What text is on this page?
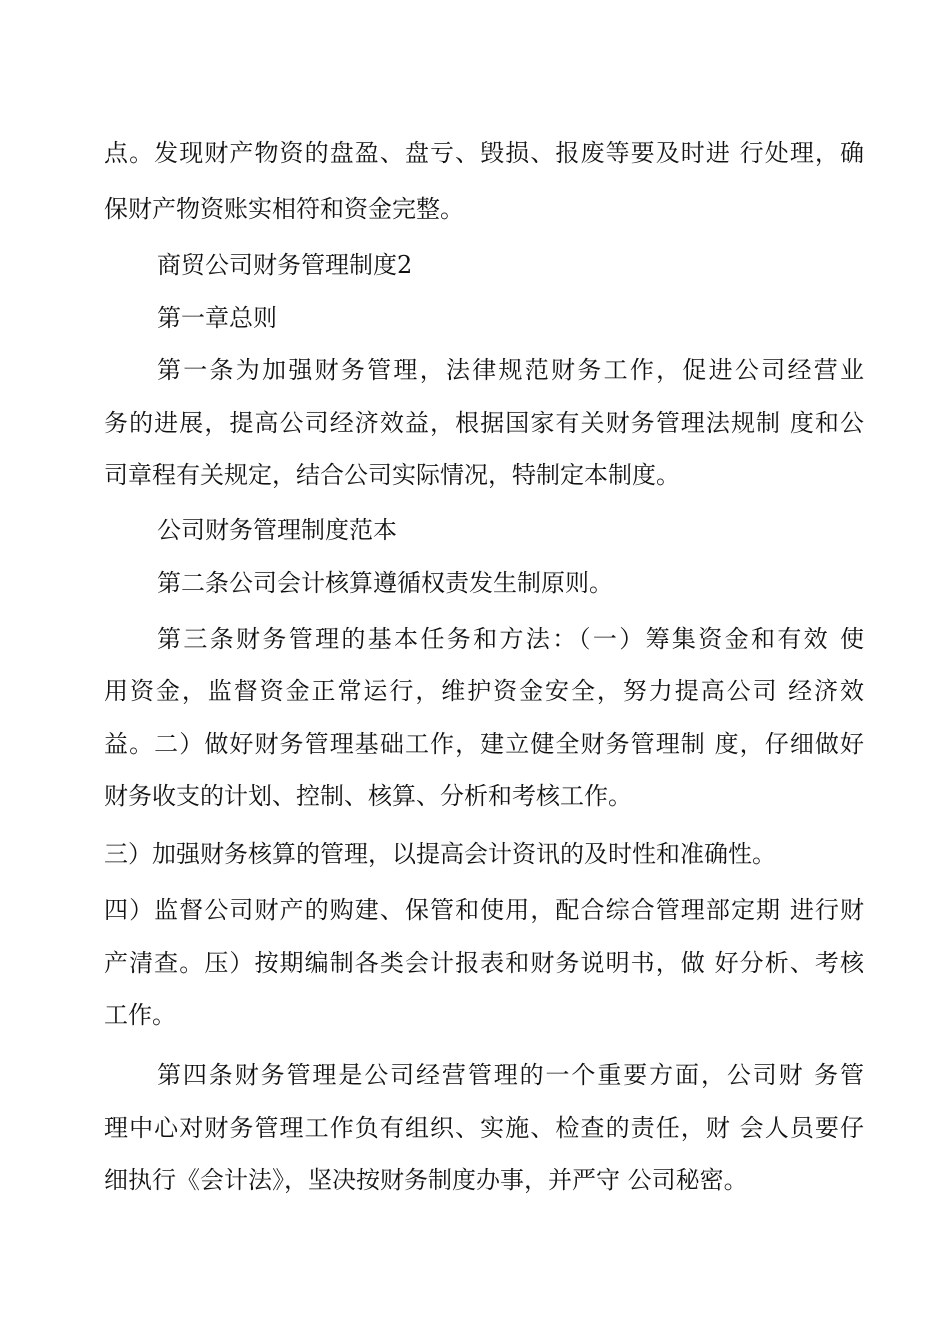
点。发现财产物资的盘盈、盘亏、毁损、报废等要及时进 行处理，确
保财产物资账实相符和资金完整。
商贸公司财务管理制度2
第一章总则
第一条为加强财务管理，法律规范财务工作，促进公司经营业
务的进展，提高公司经济效益，根据国家有关财务管理法规制 度和公
司章程有关规定，结合公司实际情况，特制定本制度。
公司财务管理制度范本
第二条公司会计核算遵循权责发生制原则。
第三条财务管理的基本任务和方法：（一）筹集资金和有效 使
用资金，监督资金正常运行，维护资金安全，努力提高公司 经济效
益。二）做好财务管理基础工作，建立健全财务管理制 度，仔细做好
财务收支的计划、控制、核算、分析和考核工作。
三）加强财务核算的管理，以提高会计资讯的及时性和准确性。
四）监督公司财产的购建、保管和使用，配合综合管理部定期 进行财
产清查。压）按期编制各类会计报表和财务说明书，做 好分析、考核
工作。
第四条财务管理是公司经营管理的一个重要方面，公司财 务管
理中心对财务管理工作负有组织、实施、检查的责任，财 会人员要仔
细执行《会计法》，坚决按财务制度办事，并严守 公司秘密。
